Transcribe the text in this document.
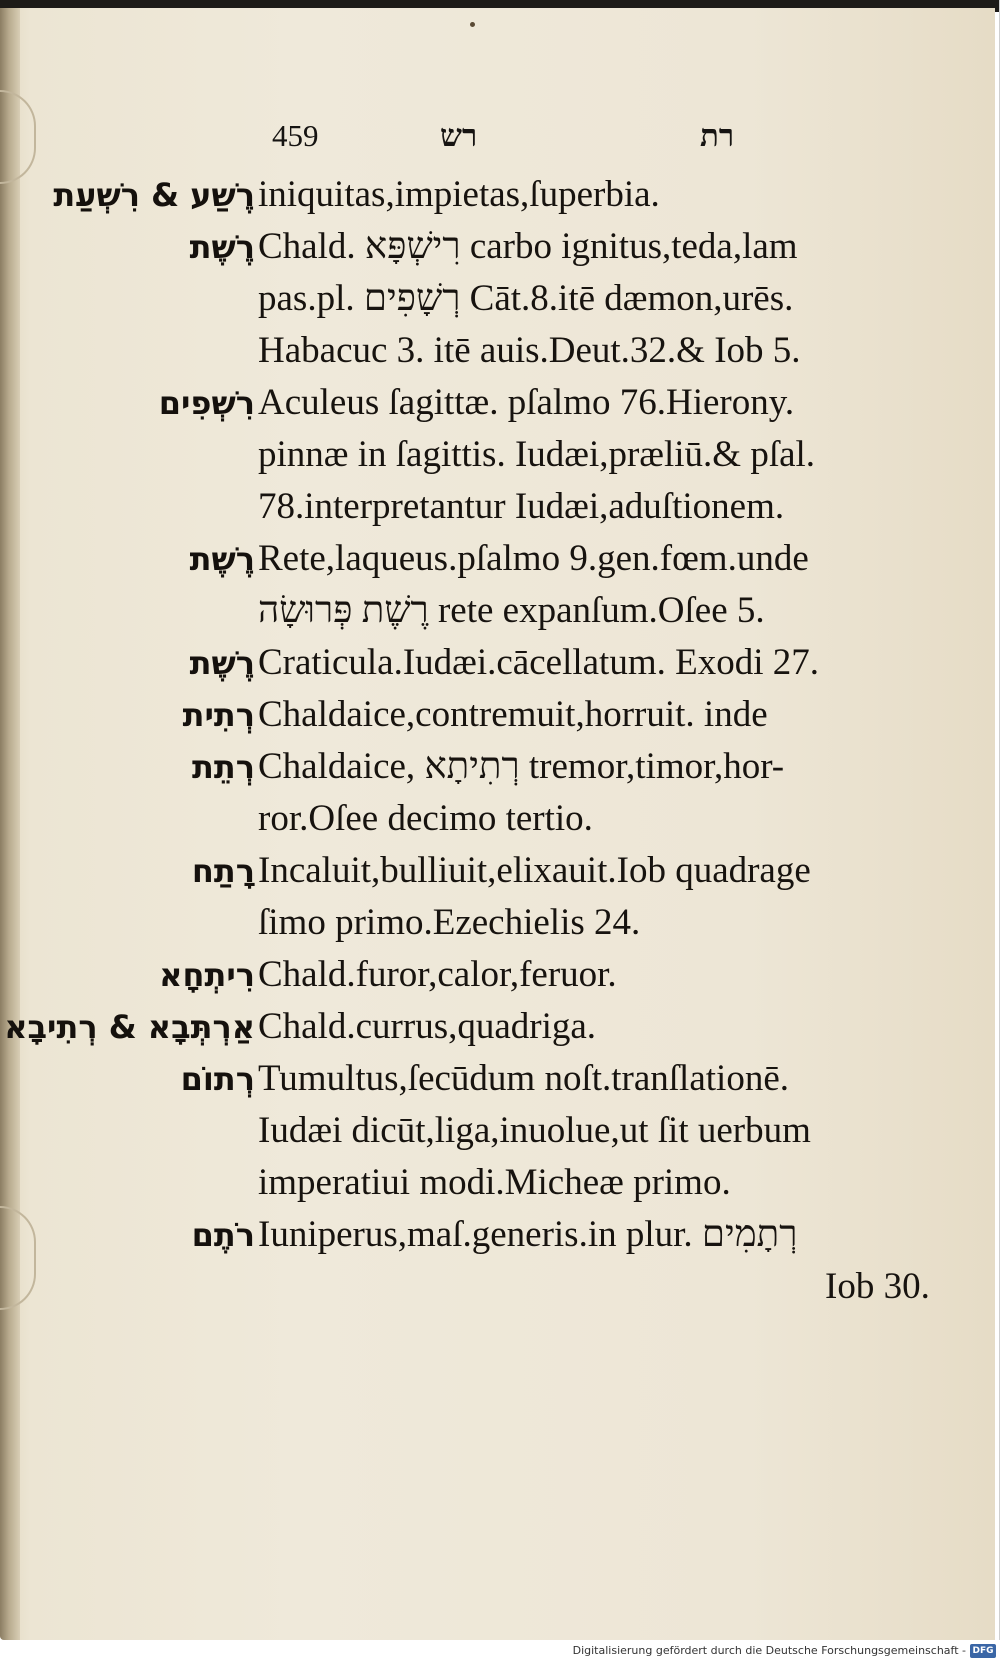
459	רש	רת
רֶשַׁע & רִשְׁעַת iniquitas,impietas,ſuperbia.
רֶשֶׁת Chald. רִישְׁפָּא carbo ignitus,teda,lam
pas.pl. רְשָׁפִים Cāt.8.itē dæmon,urēs.
Habacuc 3. itē auis.Deut.32.& Iob 5.
רִשְׁפִים Aculeus ſagittæ. pſalmo 76.Hierony.
pinnæ in ſagittis. Iudæi,præliū.& pſal.
78.interpretantur Iudæi,aduſtionem.
רֶשֶׁת Rete,laqueus.pſalmo 9.gen.fœm.unde
רֶשֶׁת פְּרוּשָׂה rete expanſum.Oſee 5.
רֶשֶׁת Craticula.Iudæi.cācellatum. Exodi 27.
רְתִית Chaldaice,contremuit,horruit. inde
רְתֵת Chaldaice, רְתִיתָא tremor,timor,hor-
ror.Oſee decimo tertio.
רָתַח Incaluit,bulliuit,elixauit.Iob quadrage
ſimo primo.Ezechielis 24.
רִיתְחָא Chald.furor,calor,feruor.
אַרְתְּבָא & רְתִיבָא Chald.currus,quadriga.
רְתוֹם Tumultus,ſecūdum noſt.tranſlationē.
Iudæi dicūt,liga,inuolue,ut ſit uerbum
imperatiui modi.Micheæ primo.
רֹתֶם Iuniperus,maſ.generis.in plur. רְתָמִים
Iob 30.
Digitalisierung gefördert durch die Deutsche Forschungsgemeinschaft - DFG
